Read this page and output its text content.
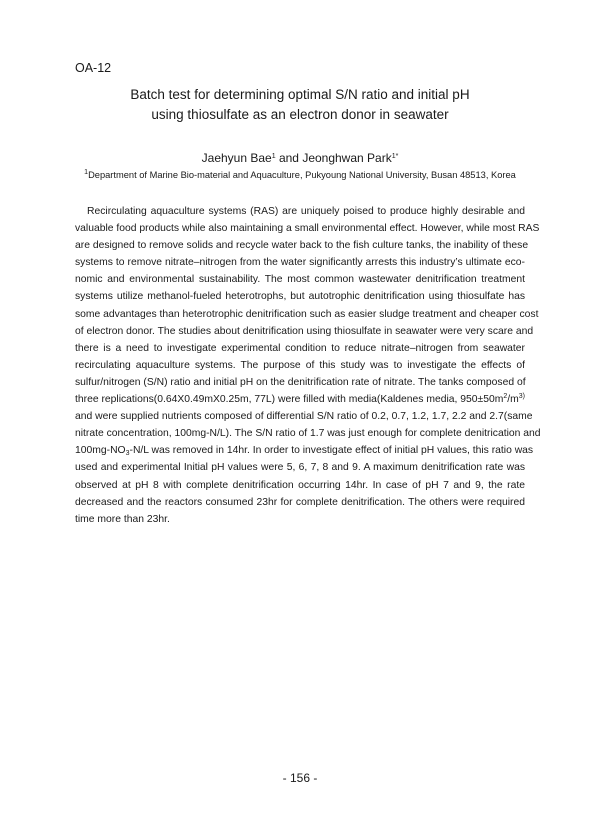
OA-12
Batch test for determining optimal S/N ratio and initial pH
using thiosulfate as an electron donor in seawater
Jaehyun Bae$^1$ and Jeonghwan Park$^{1*}$
$^1$Department of Marine Bio-material and Aquaculture, Pukyoung National University, Busan 48513, Korea
Recirculating aquaculture systems (RAS) are uniquely poised to produce highly desirable and
valuable food products while also maintaining a small environmental effect. However, while most RAS
are designed to remove solids and recycle water back to the fish culture tanks, the inability of these
systems to remove nitrate–nitrogen from the water significantly arrests this industry’s ultimate eco-
nomic and environmental sustainability. The most common wastewater denitrification treatment
systems utilize methanol-fueled heterotrophs, but autotrophic denitrification using thiosulfate has
some advantages than heterotrophic denitrification such as easier sludge treatment and cheaper cost
of electron donor. The studies about denitrification using thiosulfate in seawater were very scare and
there is a need to investigate experimental condition to reduce nitrate–nitrogen from seawater
recirculating aquaculture systems. The purpose of this study was to investigate the effects of
sulfur/nitrogen (S/N) ratio and initial pH on the denitrification rate of nitrate. The tanks composed of
three replications(0.64X0.49mX0.25m, 77L) were filled with media(Kaldenes media, $950\pm 50m^2/m^{3)}$
and were supplied nutrients composed of differential S/N ratio of 0.2, 0.7, 1.2, 1.7, 2.2 and 2.7(same
nitrate concentration, 100mg-N/L). The S/N ratio of 1.7 was just enough for complete denitrication and
$100mg-NO_3-N/L$ was removed in 14hr. In order to investigate effect of initial pH values, this ratio was
used and experimental Initial pH values were 5, 6, 7, 8 and 9. A maximum denitrification rate was
observed at pH 8 with complete denitrification occurring 14hr. In case of pH 7 and 9, the rate
decreased and the reactors consumed 23hr for complete denitrification. The others were required
time more than 23hr.
- 156 -
